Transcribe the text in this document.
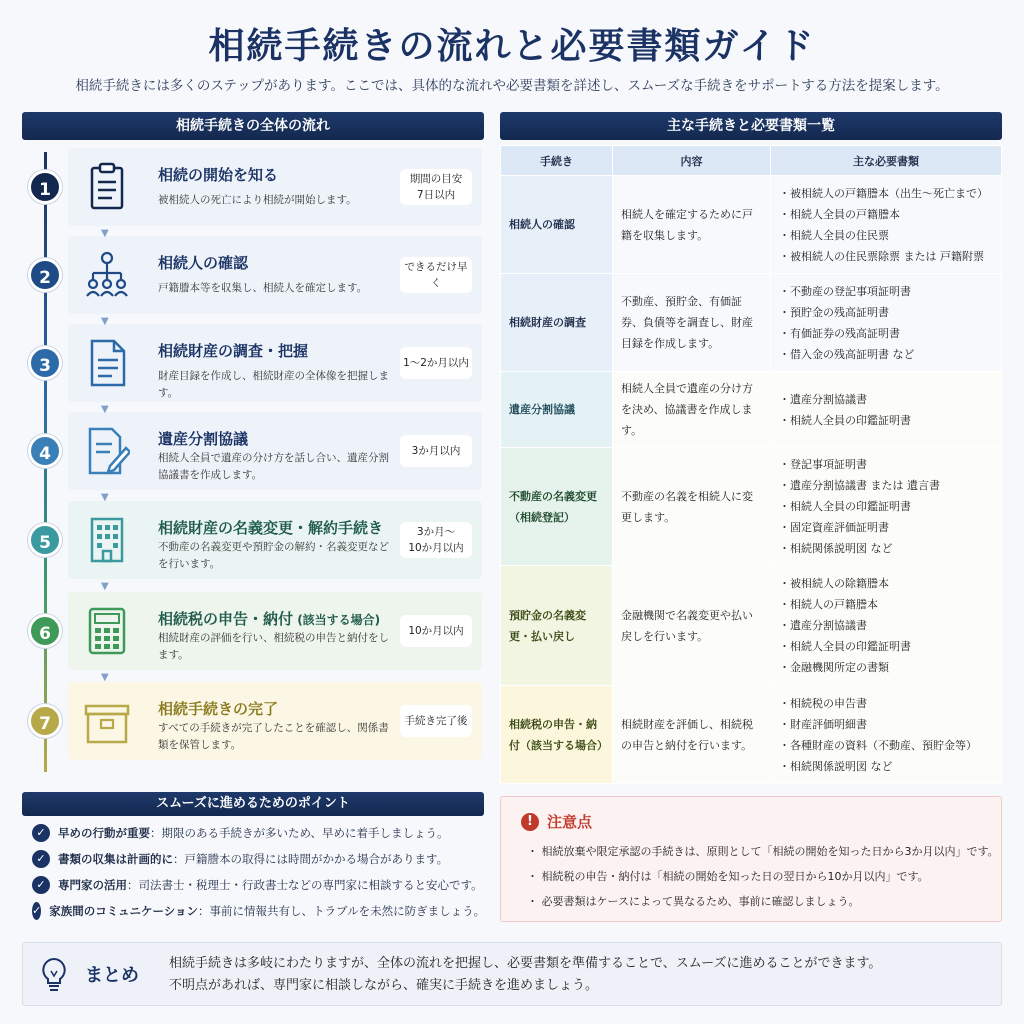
相続手続きの流れと必要書類ガイド
相続手続きには多くのステップがあります。ここでは、具体的な流れや必要書類を詳述し、スムーズな手続きをサポートする方法を提案します。
相続手続きの全体の流れ
相続の開始を知る
被相続人の死亡により相続が開始します。
期間の目安
7日以内
相続人の確認
戸籍謄本等を収集し、相続人を確定します。
できるだけ早く
相続財産の調査・把握
財産目録を作成し、相続財産の全体像を把握します。
1〜2か月以内
遺産分割協議
相続人全員で遺産の分け方を話し合い、遺産分割協議書を作成します。
3か月以内
相続財産の名義変更・解約手続き
不動産の名義変更や預貯金の解約・名義変更などを行います。
3か月〜
10か月以内
相続税の申告・納付 (該当する場合)
相続財産の評価を行い、相続税の申告と納付をします。
10か月以内
相続手続きの完了
すべての手続きが完了したことを確認し、関係書類を保管します。
手続き完了後
主な手続きと必要書類一覧
手続き	内容	主な必要書類
相続人の確認	相続人を確定するために戸籍を収集します。	・被相続人の戸籍謄本（出生〜死亡まで）
・相続人全員の戸籍謄本
・相続人全員の住民票
・被相続人の住民票除票 または 戸籍附票

相続財産の調査	不動産、預貯金、有価証券、負債等を調査し、財産目録を作成します。	・不動産の登記事項証明書
・預貯金の残高証明書
・有価証券の残高証明書
・借入金の残高証明書 など

遺産分割協議	相続人全員で遺産の分け方を決め、協議書を作成します。	・遺産分割協議書
・相続人全員の印鑑証明書

不動産の名義変更（相続登記）	不動産の名義を相続人に変更します。	・登記事項証明書
・遺産分割協議書 または 遺言書
・相続人全員の印鑑証明書
・固定資産評価証明書
・相続関係説明図 など

預貯金の名義変更・払い戻し	金融機関で名義変更や払い戻しを行います。	・被相続人の除籍謄本
・相続人の戸籍謄本
・遺産分割協議書
・相続人全員の印鑑証明書
・金融機関所定の書類

相続税の申告・納付（該当する場合）	相続財産を評価し、相続税の申告と納付を行います。	・相続税の申告書
・財産評価明細書
・各種財産の資料（不動産、預貯金等）
・相続関係説明図 など
スムーズに進めるためのポイント
✓	早めの行動が重要 ：期限のある手続きが多いため、早めに着手しましょう。
✓	書類の収集は計画的に ：戸籍謄本の取得には時間がかかる場合があります。
✓	専門家の活用 ：司法書士・税理士・行政書士などの専門家に相談すると安心です。
✓ 家族間のコミュニケーション ：事前に情報共有し、トラブルを未然に防ぎましょう。
! 注意点
・ 相続放棄や限定承認の手続きは、原則として「相続の開始を知った日から3か月以内」です。
・ 相続税の申告・納付は「相続の開始を知った日の翌日から10か月以内」です。
・ 必要書類はケースによって異なるため、事前に確認しましょう。
まとめ
相続手続きは多岐にわたりますが、全体の流れを把握し、必要書類を準備することで、スムーズに進めることができます。
不明点があれば、専門家に相談しながら、確実に手続きを進めましょう。
1
▼
2
▼
3
▼
4
▼
5
▼
6
▼
7
